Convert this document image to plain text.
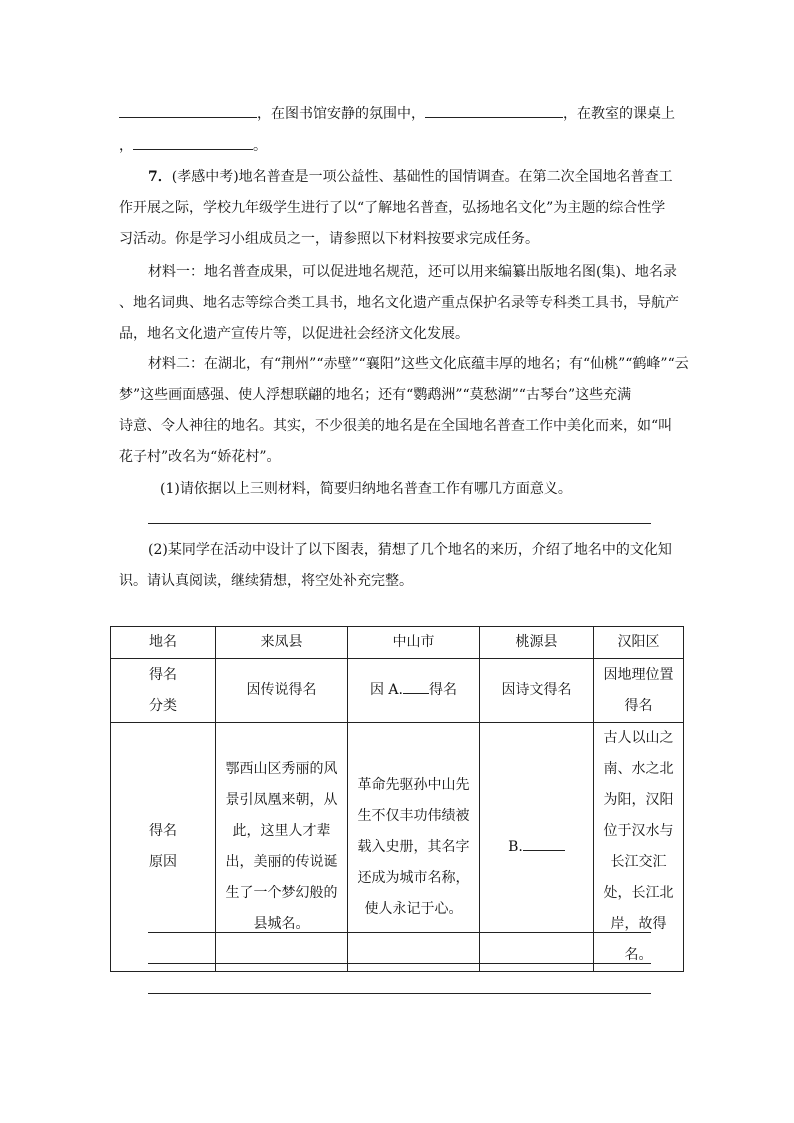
，在图书馆安静的氛围中，	，在教室的课桌上
，	。
7．(孝感中考)地名普查是一项公益性、基础性的国情调查。在第二次全国地名普查工
作开展之际，学校九年级学生进行了以“了解地名普查，弘扬地名文化”为主题的综合性学
习活动。你是学习小组成员之一，请参照以下材料按要求完成任务。
材料一：地名普查成果，可以促进地名规范，还可以用来编纂出版地名图(集)、地名录
、地名词典、地名志等综合类工具书，地名文化遗产重点保护名录等专科类工具书，导航产
品，地名文化遗产宣传片等，以促进社会经济文化发展。
材料二：在湖北，有“荆州”“赤壁”“襄阳”这些文化底蕴丰厚的地名；有“仙桃”“鹤峰”“云
梦”这些画面感强、使人浮想联翩的地名；还有“鹦鹉洲”“莫愁湖”“古琴台”这些充满
诗意、令人神往的地名。其实，不少很美的地名是在全国地名普查工作中美化而来，如“叫
花子村”改名为“娇花村”。
(1)请依据以上三则材料，简要归纳地名普查工作有哪几方面意义。
(2)某同学在活动中设计了以下图表，猜想了几个地名的来历，介绍了地名中的文化知
识。请认真阅读，继续猜想，将空处补充完整。
地名	来凤县	中山市	桃源县	汉阳区
得名分类	因传说得名	因 A. 得名	因诗文得名	因地理位置得名
得名原因	鄂西山区秀丽的风景引凤凰来朝，从此，这里人才辈出，美丽的传说诞生了一个梦幻般的县城名。	革命先驱孙中山先生不仅丰功伟绩被载入史册，其名字还成为城市名称，使人永记于心。	B.	古人以山之南、水之北为阳，汉阳位于汉水与长江交汇处，长江北岸，故得名。
